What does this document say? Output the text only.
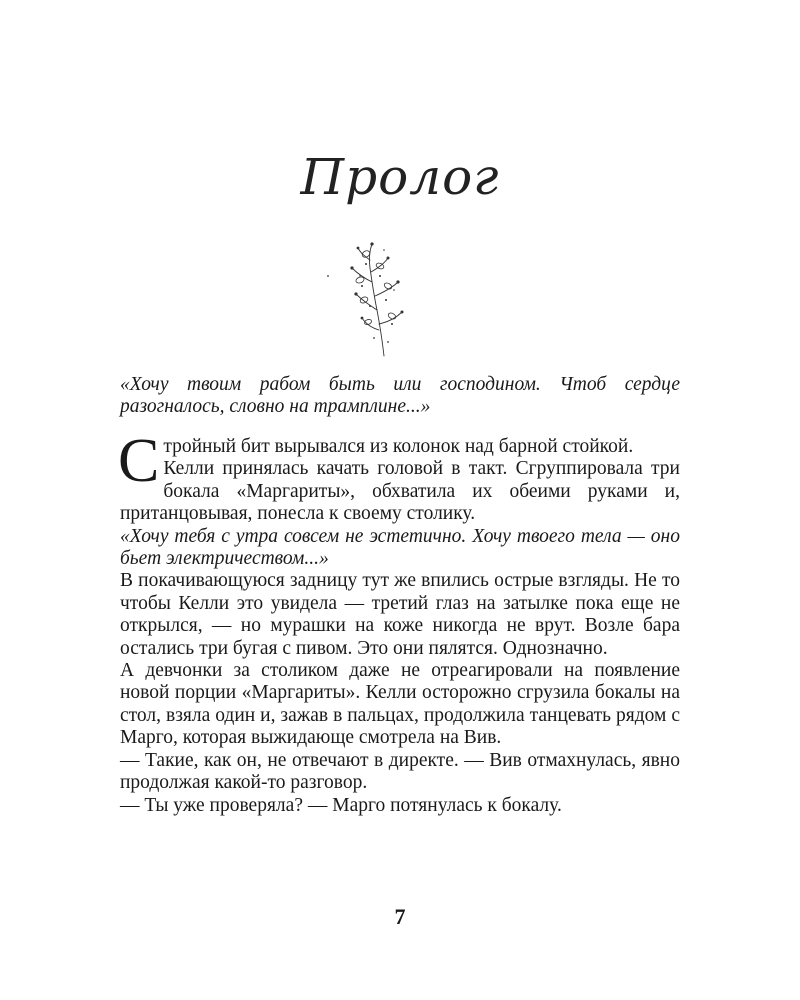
Пролог
«Хочу твоим рабом быть или господином. Чтоб сердце разогналось, словно на трамплине...»

Стройный бит вырывался из колонок над барной стойкой.

Келли принялась качать головой в такт. Сгруппировала три бокала «Маргариты», обхватила их обеими руками и, пританцовывая, понесла к своему столику.

«Хочу тебя с утра совсем не эстетично. Хочу твоего тела — оно бьет электричеством...»

В покачивающуюся задницу тут же впились острые взгляды. Не то чтобы Келли это увидела — третий глаз на затылке пока еще не открылся, — но мурашки на коже никогда не врут. Возле бара остались три бугая с пивом. Это они пялятся. Однозначно.

А девчонки за столиком даже не отреагировали на появление новой порции «Маргариты». Келли осторожно сгрузила бокалы на стол, взяла один и, зажав в пальцах, продолжила танцевать рядом с Марго, которая выжидающе смотрела на Вив.

— Такие, как он, не отвечают в директе. — Вив отмахнулась, явно продолжая какой-то разговор.

— Ты уже проверяла? — Марго потянулась к бокалу.

7
